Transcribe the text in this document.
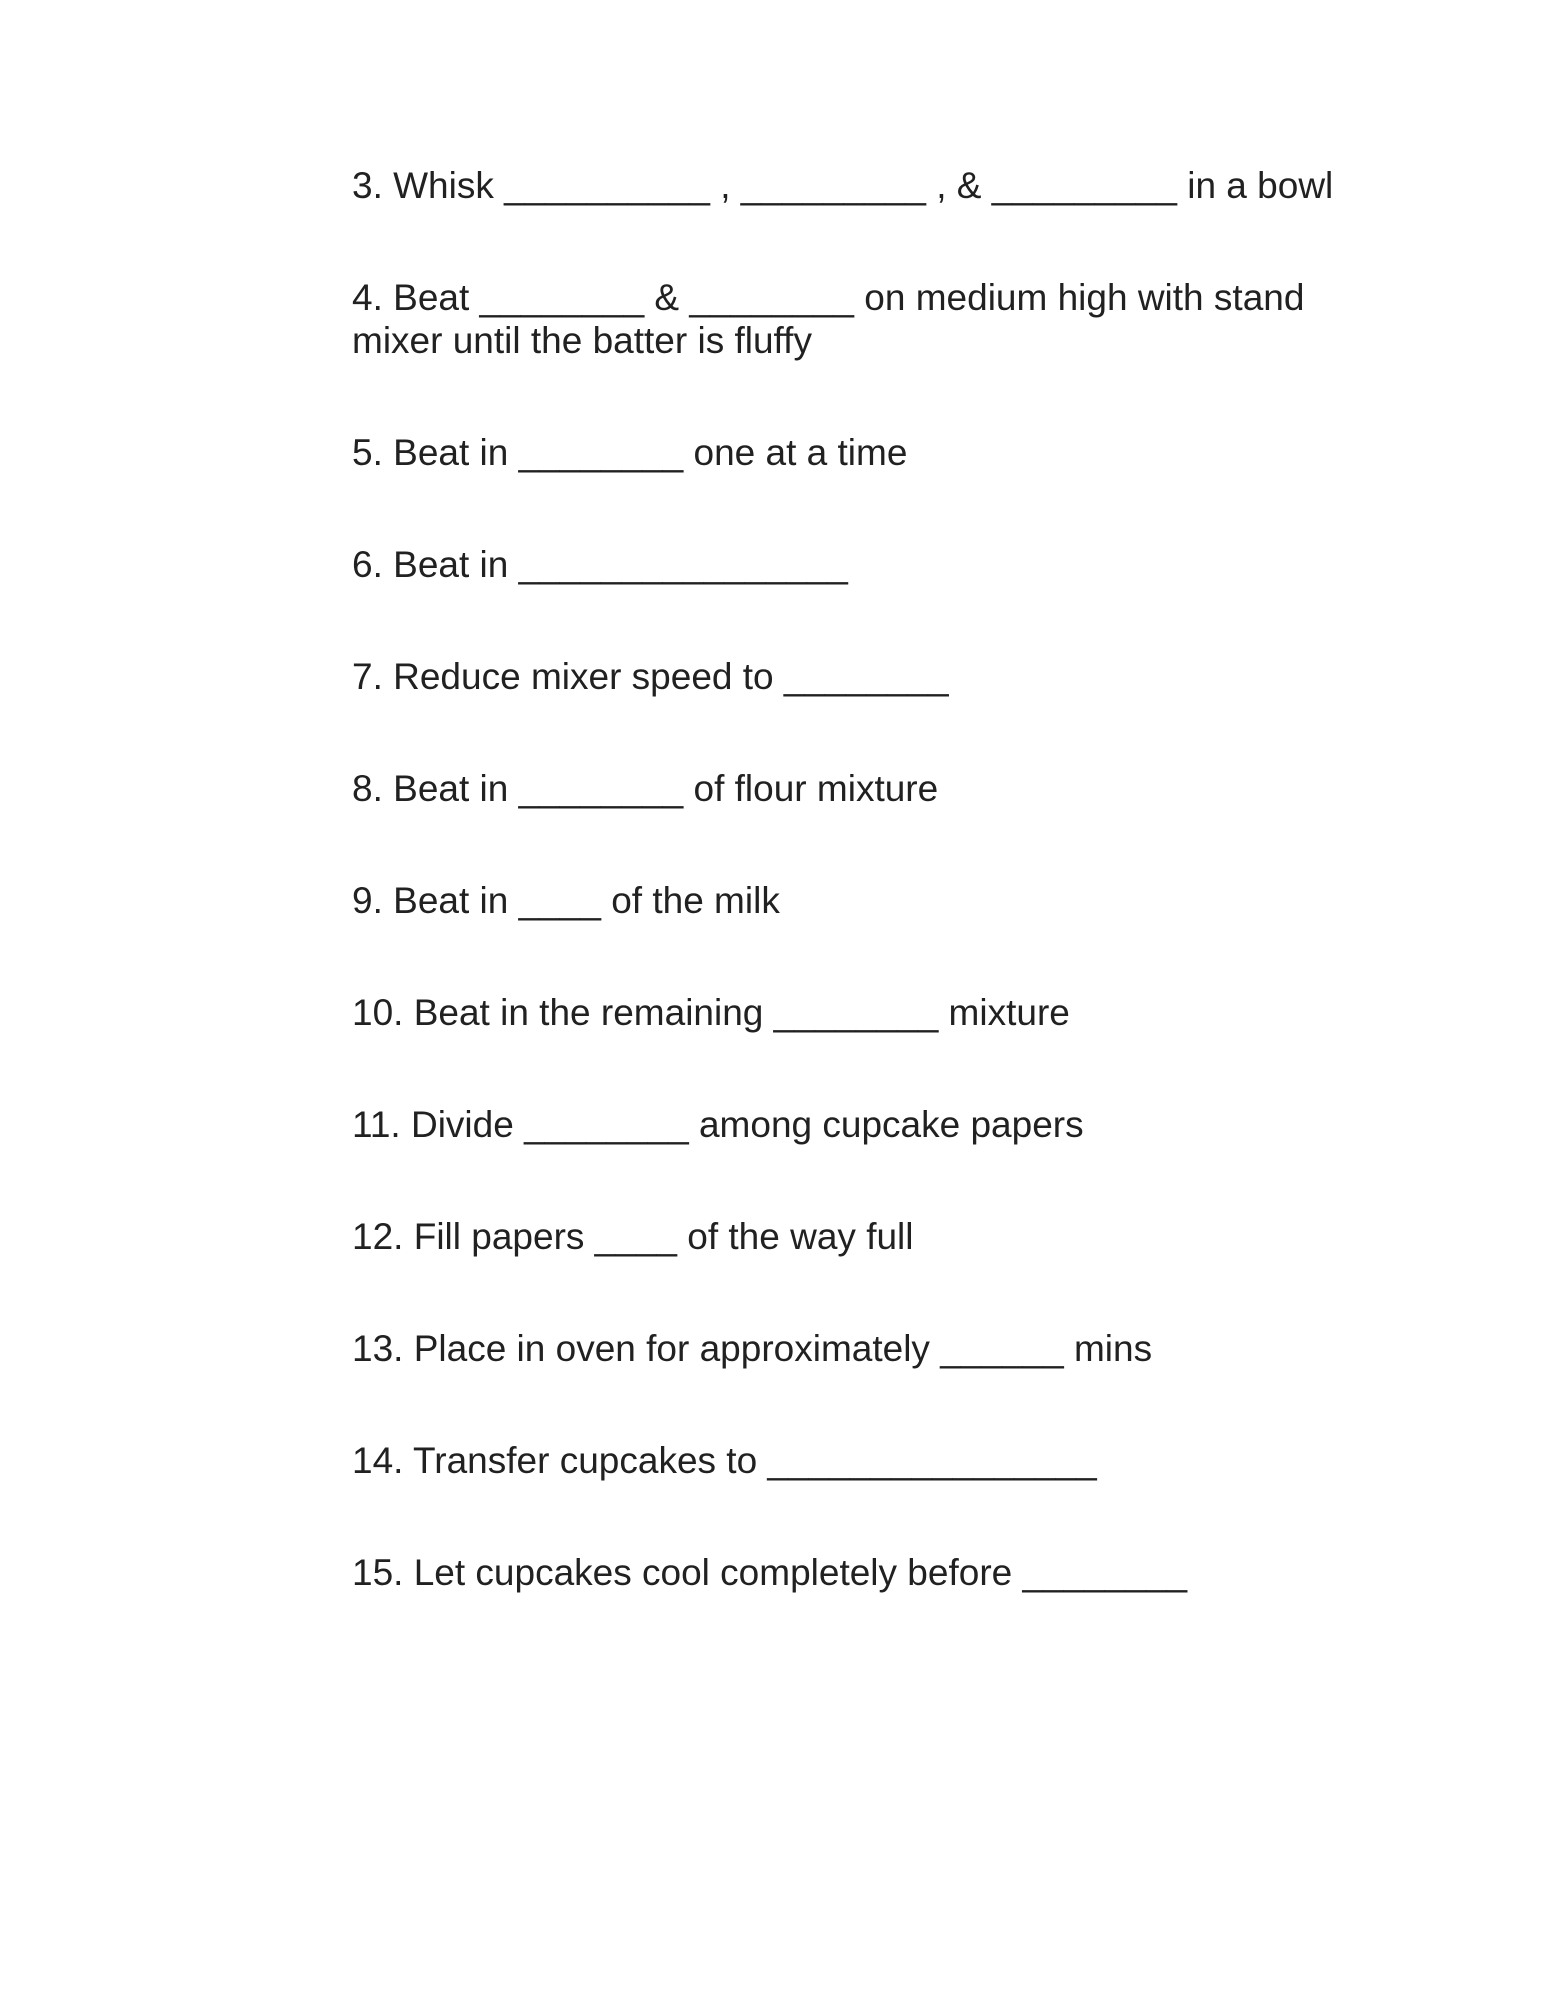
3. Whisk __________ , _________ , & _________ in a bowl

4. Beat ________ & ________ on medium high with stand
mixer until the batter is fluffy

5. Beat in ________ one at a time

6. Beat in ________________

7. Reduce mixer speed to ________

8. Beat in ________ of flour mixture

9. Beat in ____ of the milk

10. Beat in the remaining ________ mixture

11. Divide ________ among cupcake papers

12. Fill papers ____ of the way full

13. Place in oven for approximately ______ mins

14. Transfer cupcakes to ________________

15. Let cupcakes cool completely before ________
